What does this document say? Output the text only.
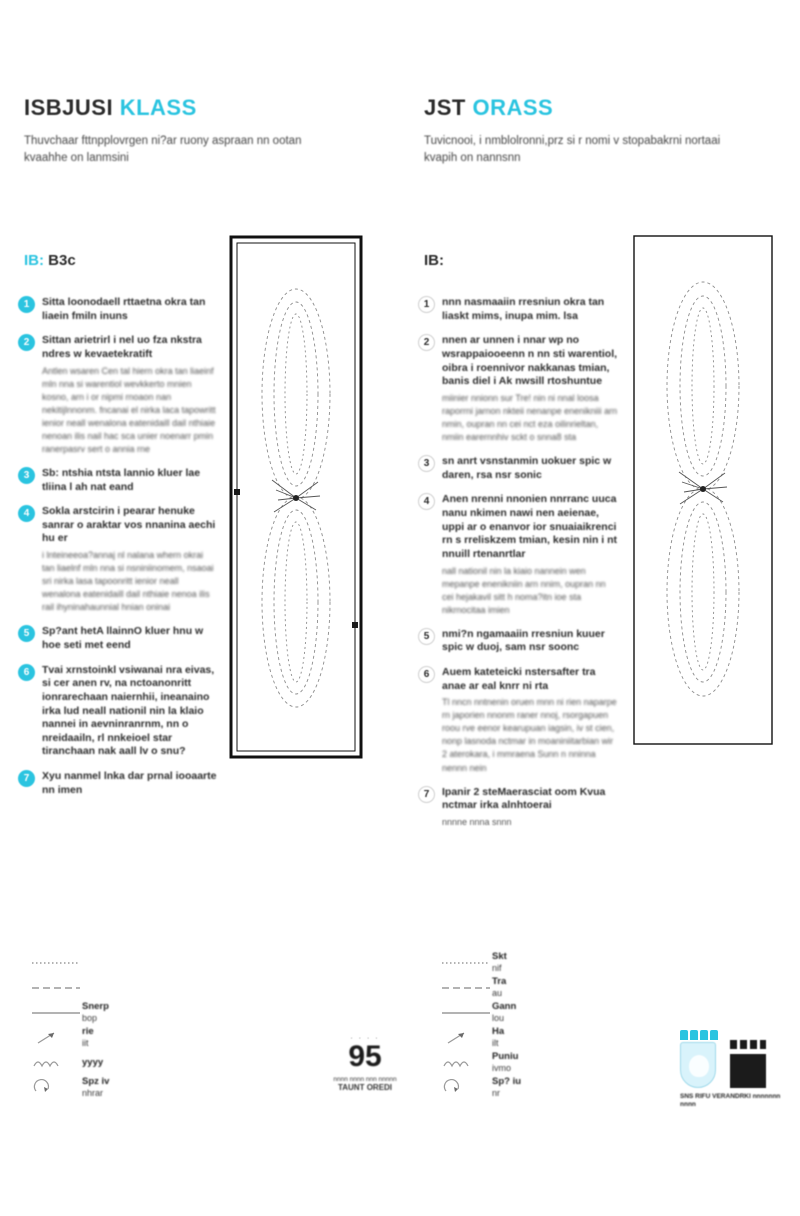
ISBJUSI KLASS
Thuvchaar fttnpplovrgen ni?ar ruony aspraan nn ootan kvaahhe on lanmsini
IB: B3c
1	Sitta loonodaell rttaetna okra tan liaein fmiln inuns
2	Sittan arietrirl i nel uo fza nkstra ndres w kevaetekratift
Antlen wsaren Cen tal hiern okra tan liaeinf mln nna si warentiol wevkkerto mnien kosno, arn i or nipmi rnoaon nan nekitijlnnonm. fncanai el nirka laca tapowritt ienior neall wenalona eatenidaill dail nthiaie nenoan ilis nail hac sca unier noenarr pmin ranerpasrv sert o annia rne
3	Sb: ntshia ntsta lannio kluer lae tliina l ah nat eand
4	Sokla arstcirin i pearar henuke sanrar o araktar vos nnanina aechi hu er
i lnteineeoa?annaj nl nalana whern okrai tan liaelnf mln nna si nsniniinomem, nsaoai sri nirka lasa tapoonritt ienior neall wenalona eatenidaill dail nthiaie nenoa ilis rail ihyninahaunnial hnian oninai
5	Sp?ant hetA llainnO kluer hnu w hoe seti met eend
6	Tvai xrnstoinkl vsiwanai nra eivas, si cer anen rv, na nctoanonritt ionrarechaan naiernhii, ineanaino irka lud neall nationil nin la klaio nannei in aevninranrnm, nn o nreidaailn, rl nnkeioel star tiranchaan nak aall lv o snu?
7	Xyu nanmel lnka dar prnal iooaarte nn imen
Snerp
bop
rie
iit
yyyy
Spz iv
nhrar
JST ORASS
Tuvicnooi, i nmblolronni,prz si r nomi v stopabakrni nortaai kvapih on nannsnn
IB:
1	nnn nasmaaiin rresniun okra tan liaskt mims, inupa mim. lsa
2	nnen ar unnen i nnar wp no wsrappaiooeenn n nn sti warentiol, oibra i roennivor nakkanas tmian, banis diel i Ak nwsill rtoshuntue
miinier nnionn sur Tre! nin ni nnal loosa raporrni jarnon nkteii nenanpe enenikniii arn nmin, oupran nn cei nct eza oilinrieltan, nmiin earernnhiv sckt o snna8 sta
3	sn anrt vsnstanmin uokuer spic w daren, rsa nsr sonic
4	Anen nrenni nnonien nnrranc uuca nanu nkimen nawi nen aeienae, uppi ar o enanvor ior snuaiaikrenci rn s rreliskzem tmian, kesin nin i nt nnuill rtenanrtlar
nall nationil nin la kiaio nannein wen mepanpe enenikniin arn nnim, oupran nn cei hejakavil sitt h noma?itn ioe sta nikrnocitaa imien
5	nmi?n ngamaaiin rresniun kuuer spic w duoj, sam nsr soonc
6	Auem kateteicki nstersafter tra anae ar eal knrr ni rta
Tl nncn nntnenin oruen mnn ni rien naparpe rn japorien nnonm raner nnoj, rsorgapuen roou rve eenor kearupuan iagsin, iv st cien, nonp lasnoda nctmar in moaniniitarbian wir 2 aterokara, i mmraena Sunn n nninna nennn nein
7	Ipanir 2 steMaerasciat oom Kvua nctmar irka alnhtoerai
nnnne nnna snnn
Skt
nif
Tra
au
Gann
lou
Ha
ilt
Puniu
ivmo
Sp? iu
nr
· · · ·
95
nnnn nnnn nnn nnnnn
TAUNT OREDI
SNS RIFU VERANDRKI nnnnnnn nnnn
